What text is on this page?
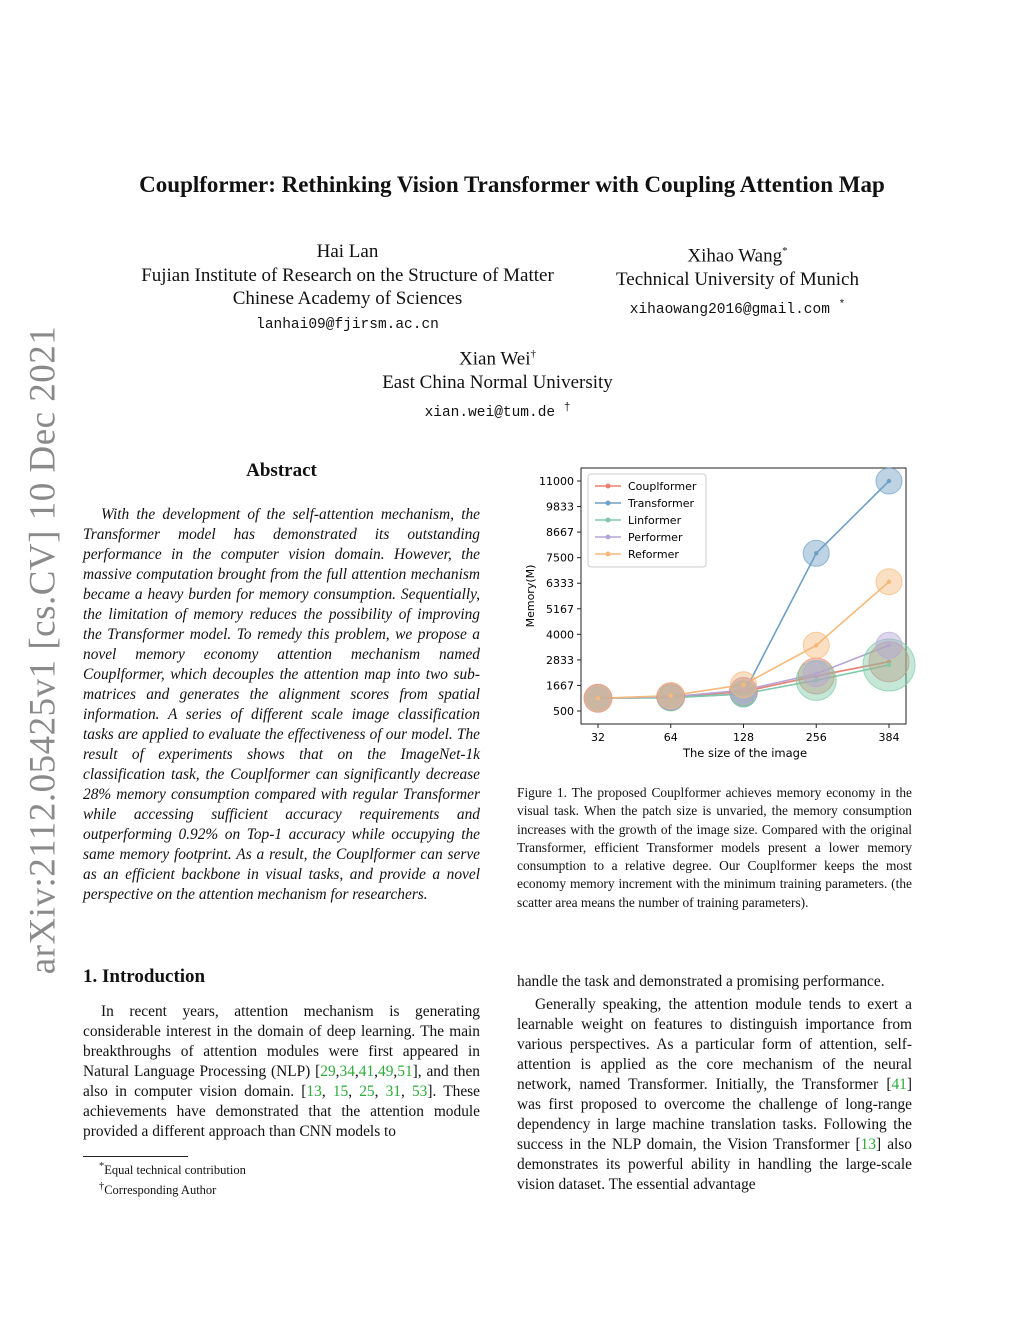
arXiv:2112.05425v1 [cs.CV] 10 Dec 2021
Couplformer: Rethinking Vision Transformer with Coupling Attention Map
Hai Lan
Fujian Institute of Research on the Structure of Matter
Chinese Academy of Sciences
lanhai09@fjirsm.ac.cn
Xihao Wang*
Technical University of Munich
xihaowang2016@gmail.com *
Xian Wei†
East China Normal University
xian.wei@tum.de †
Abstract

With the development of the self-attention mechanism, the Transformer model has demonstrated its outstanding performance in the computer vision domain. However, the massive computation brought from the full attention mechanism became a heavy burden for memory consumption. Sequentially, the limitation of memory reduces the possibility of improving the Transformer model. To remedy this problem, we propose a novel memory economy attention mechanism named Couplformer, which decouples the attention map into two sub-matrices and generates the alignment scores from spatial information. A series of different scale image classification tasks are applied to evaluate the effectiveness of our model. The result of experiments shows that on the ImageNet-1k classification task, the Couplformer can significantly decrease 28% memory consumption compared with regular Transformer while accessing sufficient accuracy requirements and outperforming 0.92% on Top-1 accuracy while occupying the same memory footprint. As a result, the Couplformer can serve as an efficient backbone in visual tasks, and provide a novel perspective on the attention mechanism for researchers.

500
1667
2833
4000
5167
6333
7500
8667
9833
11000
32	64	128	256	384
Couplformer
Transformer
Linformer
Performer
Reformer
Memory(M)
The size of the image
Figure 1. The proposed Couplformer achieves memory economy in the visual task. When the patch size is unvaried, the memory consumption increases with the growth of the image size. Compared with the original Transformer, efficient Transformer models present a lower memory consumption to a relative degree. Our Couplformer keeps the most economy memory increment with the minimum training parameters. (the scatter area means the number of training parameters).
1. Introduction

In recent years, attention mechanism is generating considerable interest in the domain of deep learning. The main breakthroughs of attention modules were first appeared in Natural Language Processing (NLP) [29,34,41,49,51], and then also in computer vision domain. [13, 15, 25, 31, 53]. These achievements have demonstrated that the attention module provided a different approach than CNN models to

handle the task and demonstrated a promising performance.

Generally speaking, the attention module tends to exert a learnable weight on features to distinguish importance from various perspectives. As a particular form of attention, self-attention is applied as the core mechanism of the neural network, named Transformer. Initially, the Transformer [41] was first proposed to overcome the challenge of long-range dependency in large machine translation tasks. Following the success in the NLP domain, the Vision Transformer [13] also demonstrates its powerful ability in handling the large-scale vision dataset. The essential advantage

*Equal technical contribution
†Corresponding Author
